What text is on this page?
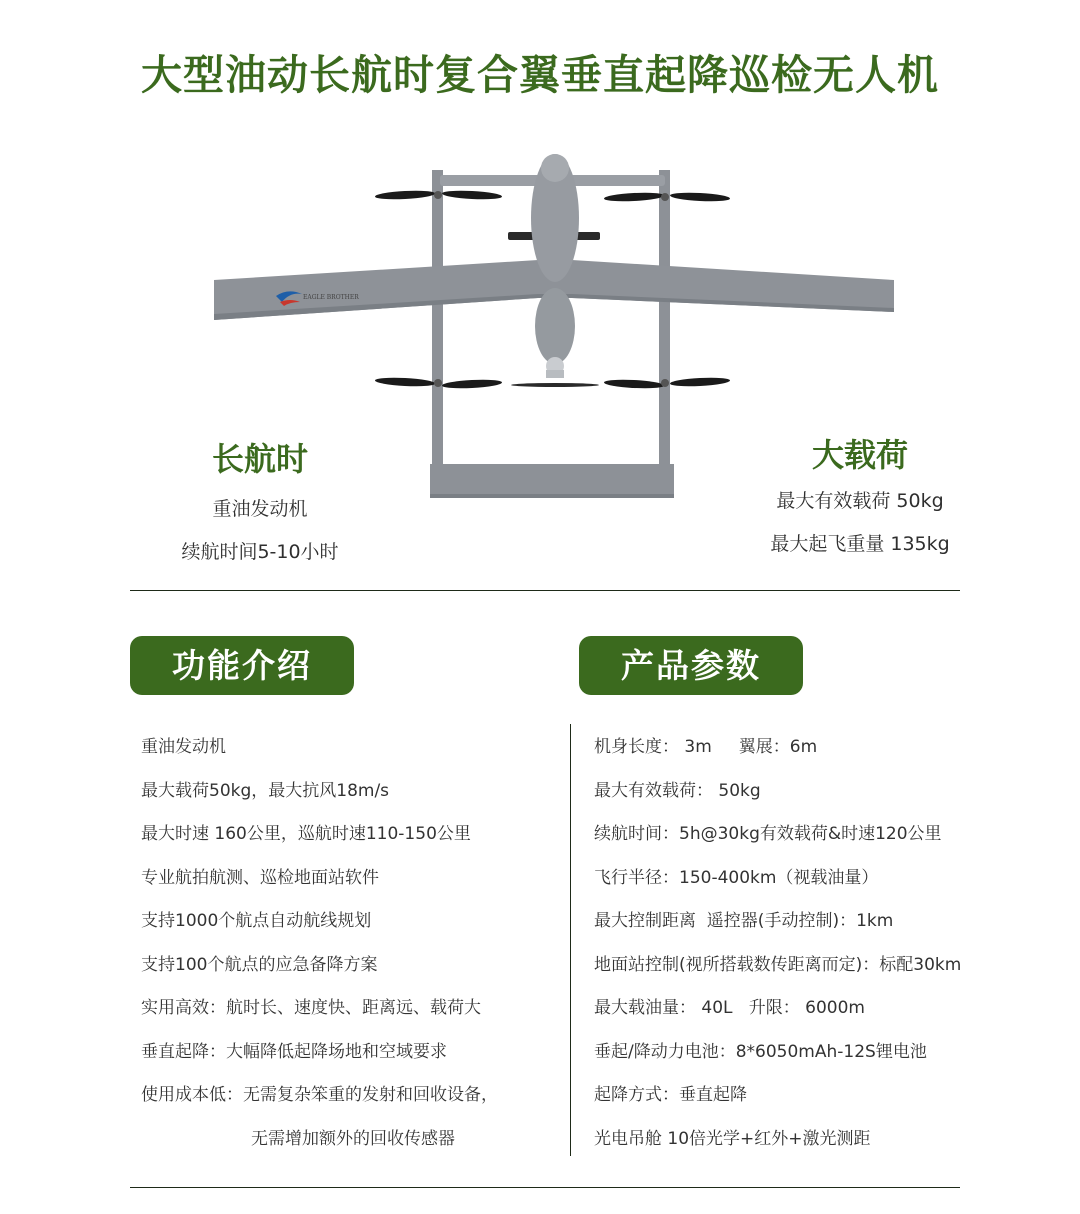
大型油动长航时复合翼垂直起降巡检无人机
EAGLE BROTHER
长航时
重油发动机
续航时间5-10小时
大载荷
最大有效载荷 50kg
最大起飞重量 135kg
功能介绍	产品参数
重油发动机
最大载荷50kg，最大抗风18m/s
最大时速 160公里，巡航时速110-150公里
专业航拍航测、巡检地面站软件
支持1000个航点自动航线规划
支持100个航点的应急备降方案
实用高效：航时长、速度快、距离远、载荷大
垂直起降：大幅降低起降场地和空域要求
使用成本低：无需复杂笨重的发射和回收设备，
无需增加额外的回收传感器
机身长度： 3m     翼展：6m
最大有效载荷： 50kg
续航时间：5h@30kg有效载荷&时速120公里
飞行半径：150-400km（视载油量）
最大控制距离  遥控器(手动控制)：1km
地面站控制(视所搭载数传距离而定)：标配30km
最大载油量： 40L   升限： 6000m
垂起/降动力电池：8*6050mAh-12S锂电池
起降方式：垂直起降
光电吊舱 10倍光学+红外+激光测距
